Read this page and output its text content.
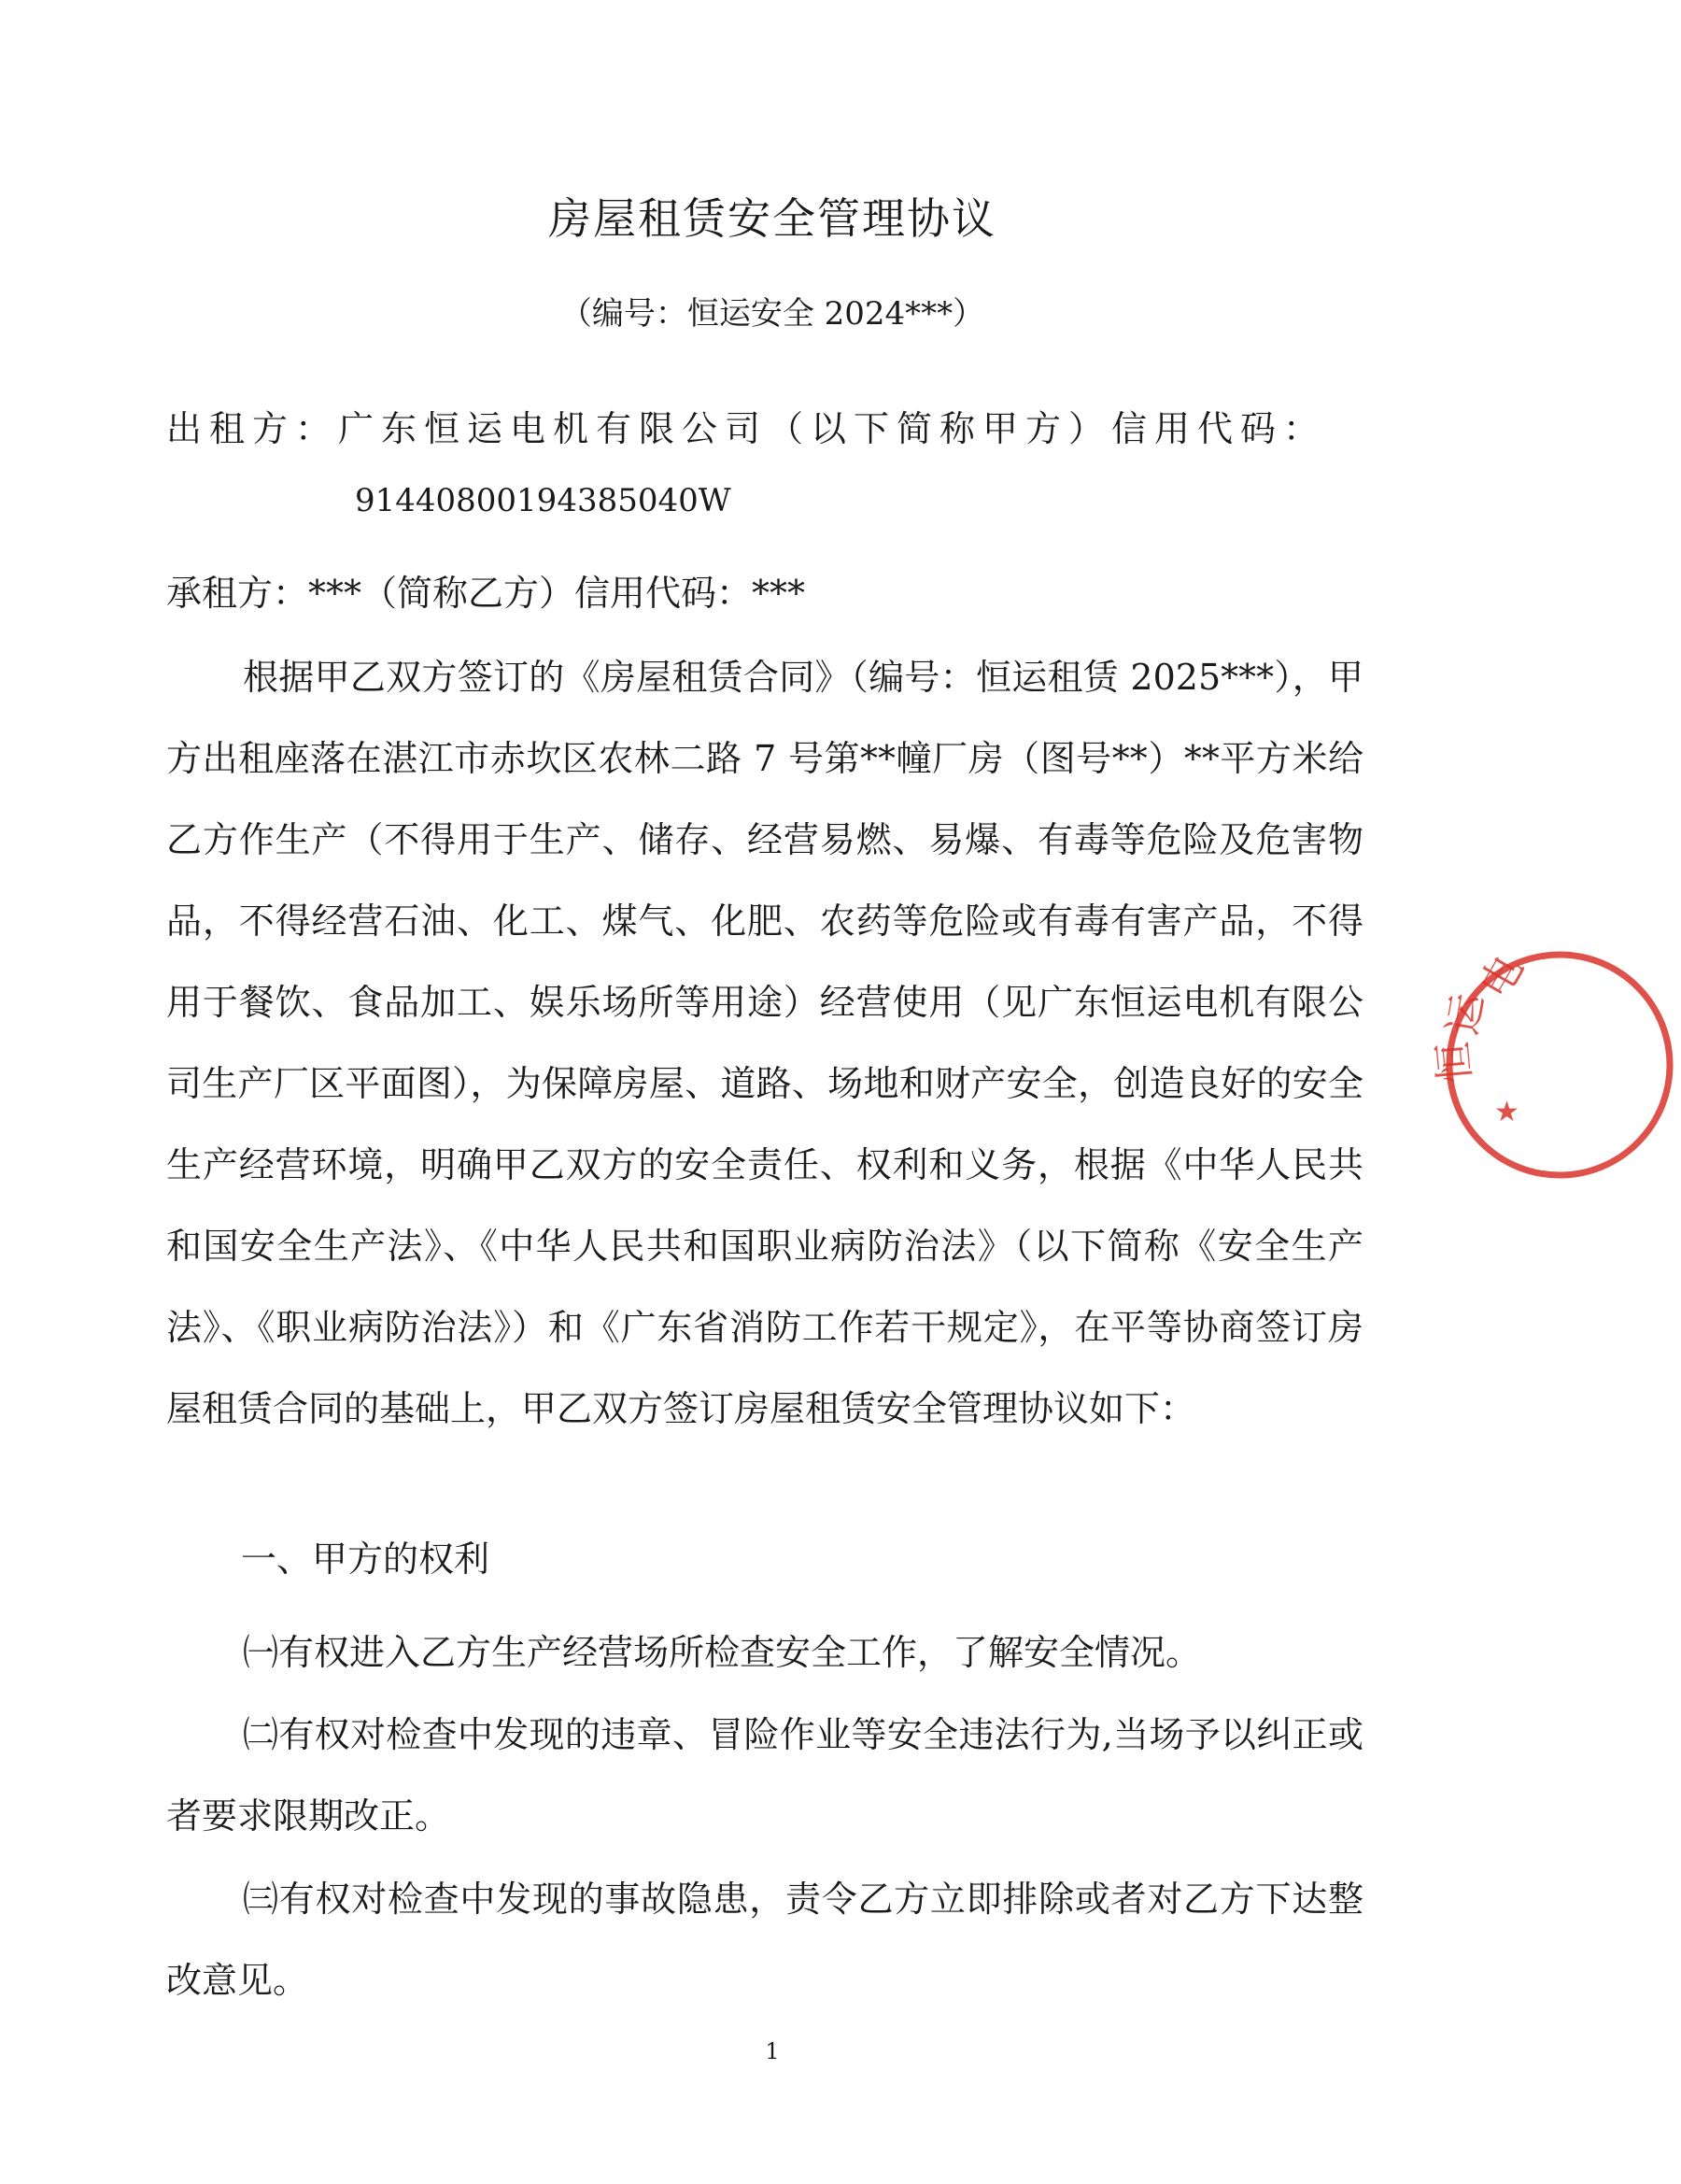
房屋租赁安全管理协议
（编号：恒运安全 2024***）
出租方：广东恒运电机有限公司（以下简称甲方）信用代码：
91440800194385040W
承租方：***（简称乙方）信用代码：***
根据甲乙双方签订的《房屋租赁合同》（编号：恒运租赁 2025***），甲方出租座落在湛江市赤坎区农林二路 7 号第**幢厂房（图号**）**平方米给乙方作生产（不得用于生产、储存、经营易燃、易爆、有毒等危险及危害物品，不得经营石油、化工、煤气、化肥、农药等危险或有毒有害产品，不得用于餐饮、食品加工、娱乐场所等用途）经营使用（见广东恒运电机有限公司生产厂区平面图），为保障房屋、道路、场地和财产安全，创造良好的安全生产经营环境，明确甲乙双方的安全责任、权利和义务，根据《中华人民共和国安全生产法》、《中华人民共和国职业病防治法》（以下简称《安全生产法》、《职业病防治法》）和《广东省消防工作若干规定》，在平等协商签订房屋租赁合同的基础上，甲乙双方签订房屋租赁安全管理协议如下：
一、甲方的权利
㈠有权进入乙方生产经营场所检查安全工作，了解安全情况。
㈡有权对检查中发现的违章、冒险作业等安全违法行为,当场予以纠正或者要求限期改正。
㈢有权对检查中发现的事故隐患，责令乙方立即排除或者对乙方下达整改意见。
1
电
恒
运
★
